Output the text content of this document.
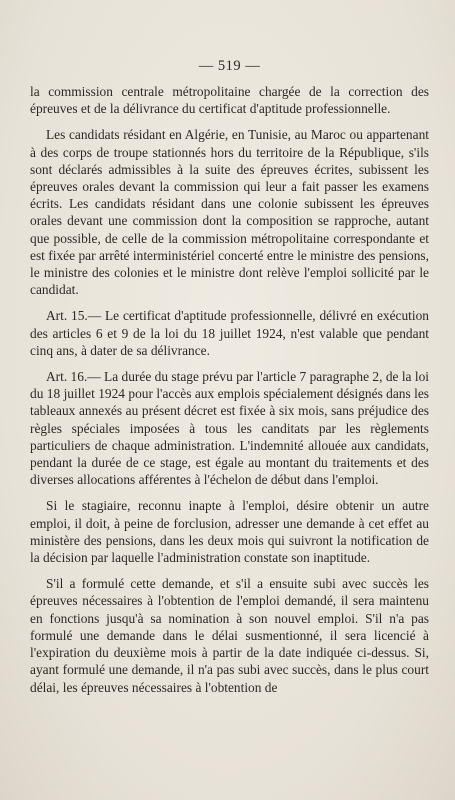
— 519 —

la commission centrale métropolitaine chargée de la correction des épreuves et de la délivrance du certificat d'aptitude professionnelle.

Les candidats résidant en Algérie, en Tunisie, au Maroc ou appartenant à des corps de troupe stationnés hors du territoire de la République, s'ils sont déclarés admissibles à la suite des épreuves écrites, subissent les épreuves orales devant la commission qui leur a fait passer les examens écrits. Les candidats résidant dans une colonie subissent les épreuves orales devant une commission dont la composition se rapproche, autant que possible, de celle de la commission métropolitaine correspondante et est fixée par arrêté interministériel concerté entre le ministre des pensions, le ministre des colonies et le ministre dont relève l'emploi sollicité par le candidat.

Art. 15.— Le certificat d'aptitude professionnelle, délivré en exécution des articles 6 et 9 de la loi du 18 juillet 1924, n'est valable que pendant cinq ans, à dater de sa délivrance.

Art. 16.— La durée du stage prévu par l'article 7 paragraphe 2, de la loi du 18 juillet 1924 pour l'accès aux emplois spécialement désignés dans les tableaux annexés au présent décret est fixée à six mois, sans préjudice des règles spéciales imposées à tous les canditats par les règlements particuliers de chaque administration. L'indemnité allouée aux candidats, pendant la durée de ce stage, est égale au montant du traitements et des diverses allocations afférentes à l'échelon de début dans l'emploi.

Si le stagiaire, reconnu inapte à l'emploi, désire obtenir un autre emploi, il doit, à peine de forclusion, adresser une demande à cet effet au ministère des pensions, dans les deux mois qui suivront la notification de la décision par laquelle l'administration constate son inaptitude.

S'il a formulé cette demande, et s'il a ensuite subi avec succès les épreuves nécessaires à l'obtention de l'emploi demandé, il sera maintenu en fonctions jusqu'à sa nomination à son nouvel emploi. S'il n'a pas formulé une demande dans le délai susmentionné, il sera licencié à l'expiration du deuxième mois à partir de la date indiquée ci-dessus. Si, ayant formulé une demande, il n'a pas subi avec succès, dans le plus court délai, les épreuves nécessaires à l'obtention de
